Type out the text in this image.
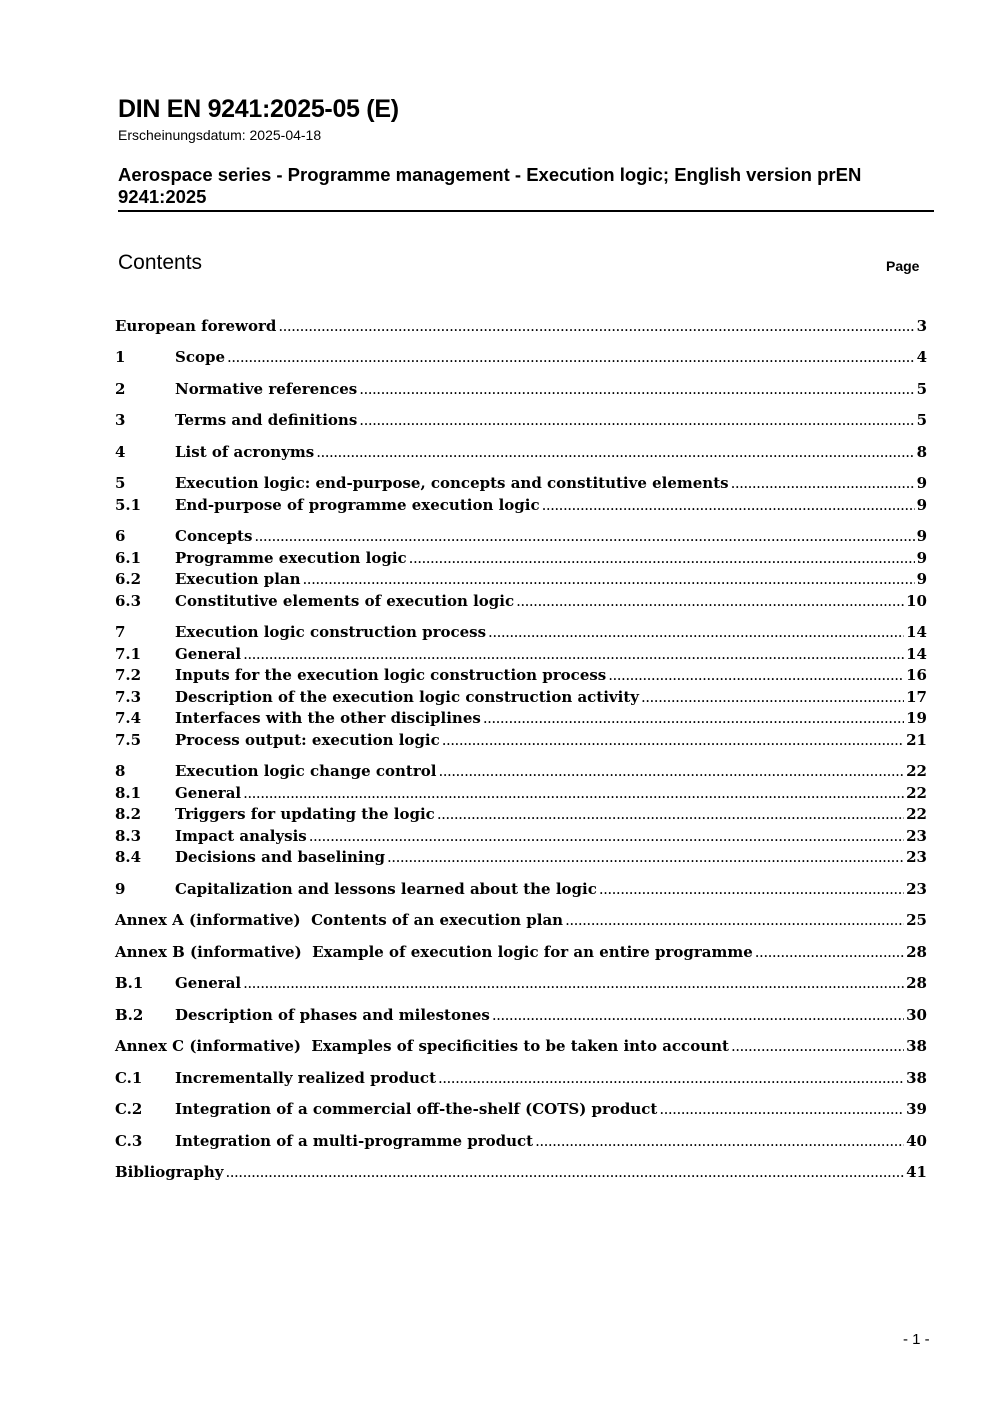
DIN EN 9241:2025-05 (E)
Erscheinungsdatum: 2025-04-18
Aerospace series - Programme management - Execution logic; English version prEN 9241:2025
Contents	Page
European foreword .....	3
1	Scope .....	4
2	Normative references .....	5
3	Terms and definitions .....	5
4	List of acronyms .....	8
5	Execution logic: end-purpose, concepts and constitutive elements .....	9
5.1	End-purpose of programme execution logic .....	9
6	Concepts .....	9
6.1	Programme execution logic .....	9
6.2	Execution plan .....	9
6.3	Constitutive elements of execution logic .....	10
7	Execution logic construction process .....	14
7.1	General .....	14
7.2	Inputs for the execution logic construction process .....	16
7.3	Description of the execution logic construction activity .....	17
7.4	Interfaces with the other disciplines .....	19
7.5	Process output: execution logic .....	21
8	Execution logic change control .....	22
8.1	General .....	22
8.2	Triggers for updating the logic .....	22
8.3	Impact analysis .....	23
8.4	Decisions and baselining .....	23
9	Capitalization and lessons learned about the logic .....	23
Annex A (informative)  Contents of an execution plan .....	25
Annex B (informative)  Example of execution logic for an entire programme .....	28
B.1	General .....	28
B.2	Description of phases and milestones .....	30
Annex C (informative)  Examples of specificities to be taken into account .....	38
C.1	Incrementally realized product .....	38
C.2	Integration of a commercial off-the-shelf (COTS) product .....	39
C.3	Integration of a multi-programme product .....	40
Bibliography .....	41
- 1 -
